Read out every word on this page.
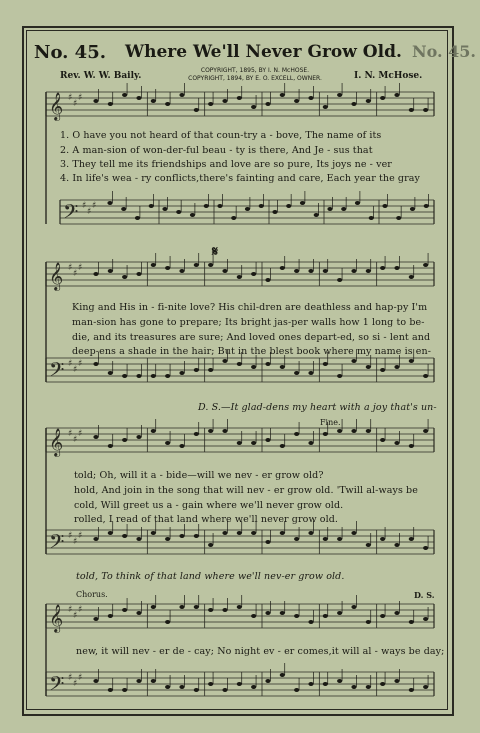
No. 45. Where We'll Never Grow Old. No. 45.
COPYRIGHT, 1895, BY I. N. McHOSE.
COPYRIGHT, 1894, BY E. O. EXCELL, OWNER.
Rev. W. W. Baily.	I. N. McHose.
𝄞 ♯
♯
♯
𝄢 ♯
♯
♯
𝄞 ♯
♯
♯
𝄢 ♯
♯
♯
𝄞 ♯
♯
♯
𝄢 ♯
♯
♯
𝄞 ♯
♯
♯
𝄢 ♯
♯
♯
1. O have you not heard of that coun-try a - bove, The name of its
2. A man-sion of won-der-ful beau - ty is there, And Je - sus that
3. They tell me its friendships and love are so pure, Its joys ne - ver
4. In life's wea - ry conflicts,there's fainting and care, Each year the gray
𝄋
King and His in - fi-nite love? His chil-dren are deathless and hap-py I'm
man-sion has gone to prepare; Its bright jas-per walls how 1 long to be-
die, and its treasures are sure; And loved ones depart-ed, so si - lent and
deep-ens a shade in the hair; But in the blest book where my name is en-
D. S.—It glad-dens my heart with a joy that's un-
Fine.
told; Oh, will it a - bide—will we nev - er grow old?
hold, And join in the song that will nev - er grow old. 'Twill al-ways be
cold, Will greet us a - gain where we'll never grow old.
rolled, I read of that land where we'll never grow old.
told, To think of that land where we'll nev-er grow old.
Chorus.	D. S.
new, it will nev - er de - cay; No night ev - er comes,it will al - ways be day;
